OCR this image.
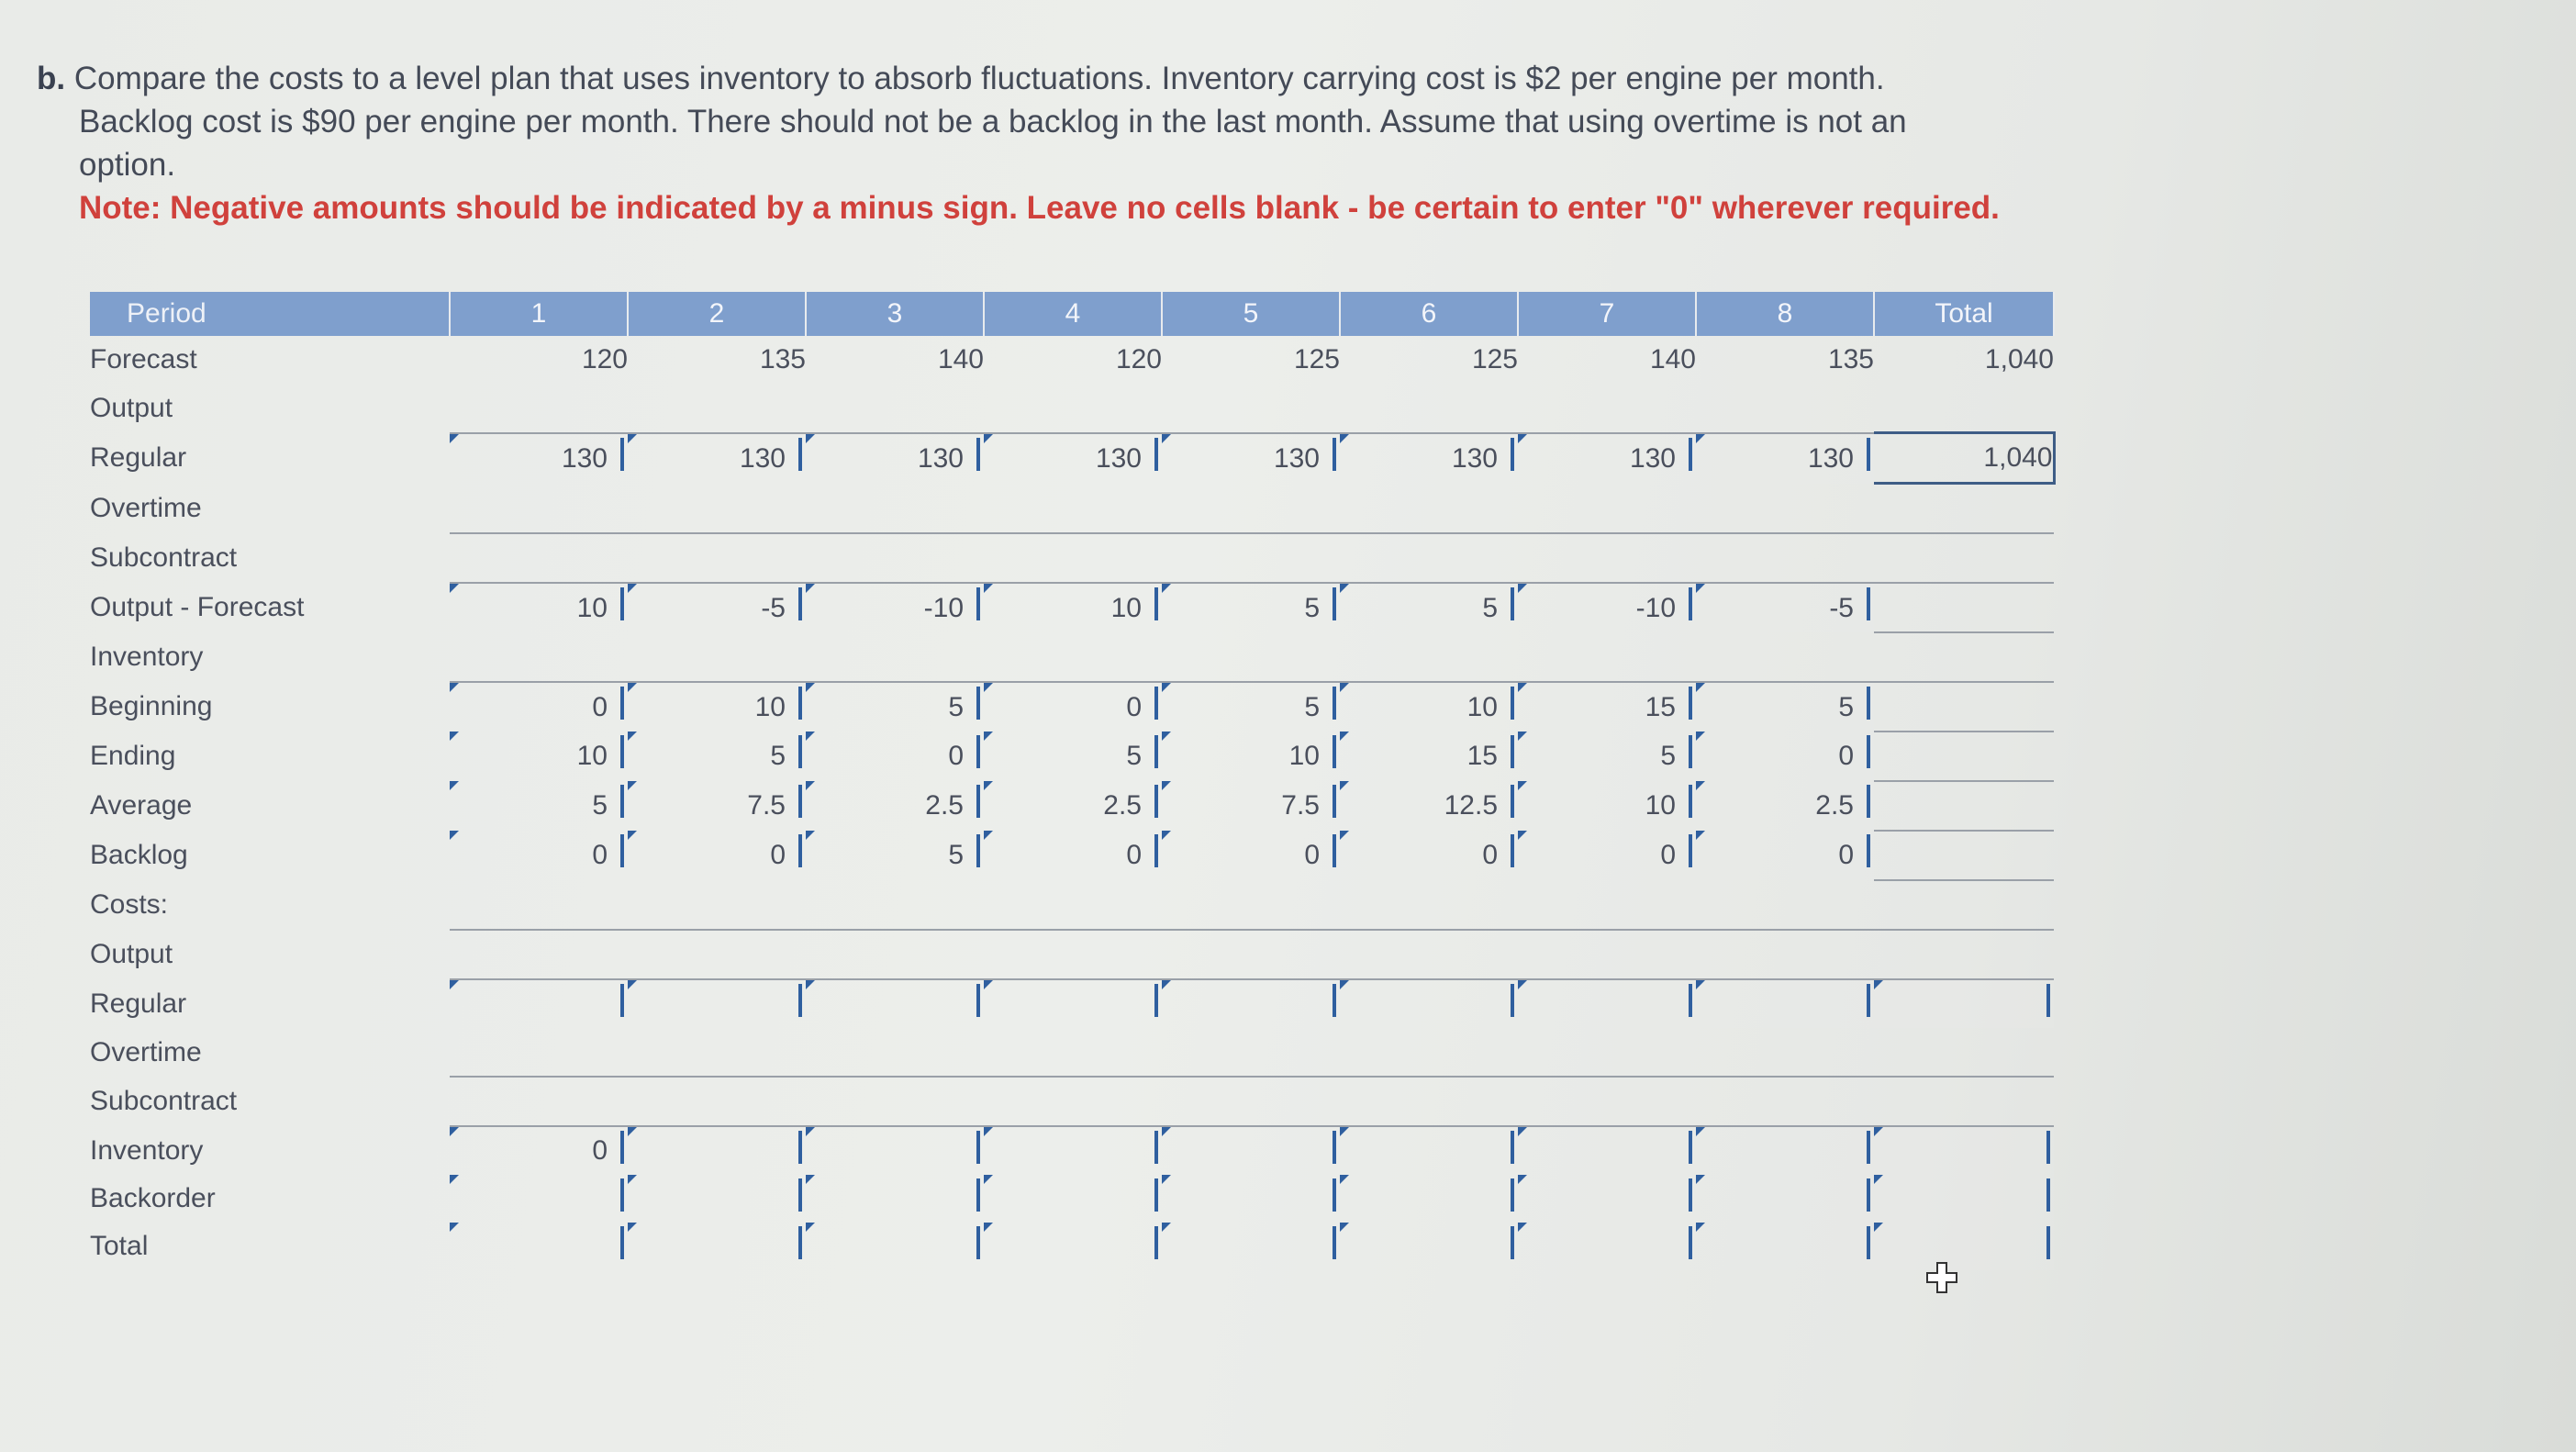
b. Compare the costs to a level plan that uses inventory to absorb fluctuations. Inventory carrying cost is $2 per engine per month.
Backlog cost is $90 per engine per month. There should not be a backlog in the last month. Assume that using overtime is not an
option.
Note: Negative amounts should be indicated by a minus sign. Leave no cells blank - be certain to enter "0" wherever required.
Period	1	2	3	4	5	6	7	8	Total
Forecast	120	135	140	120	125	125	140	135	1,040
Output									
Regular	130	130	130	130	130	130	130	130	1,040
Overtime									
Subcontract									
Output - Forecast	10	-5	-10	10	5	5	-10	-5	

Inventory									
Beginning	0	10	5	0	5	10	15	5	

Ending	10	5	0	5	10	15	5	0	

Average	5	7.5	2.5	2.5	7.5	12.5	10	2.5	

Backlog	0	0	5	0	0	0	0	0	

Costs:									
Output									
Regular	

Overtime									
Subcontract									
Inventory	0								

Backorder	

Total	
